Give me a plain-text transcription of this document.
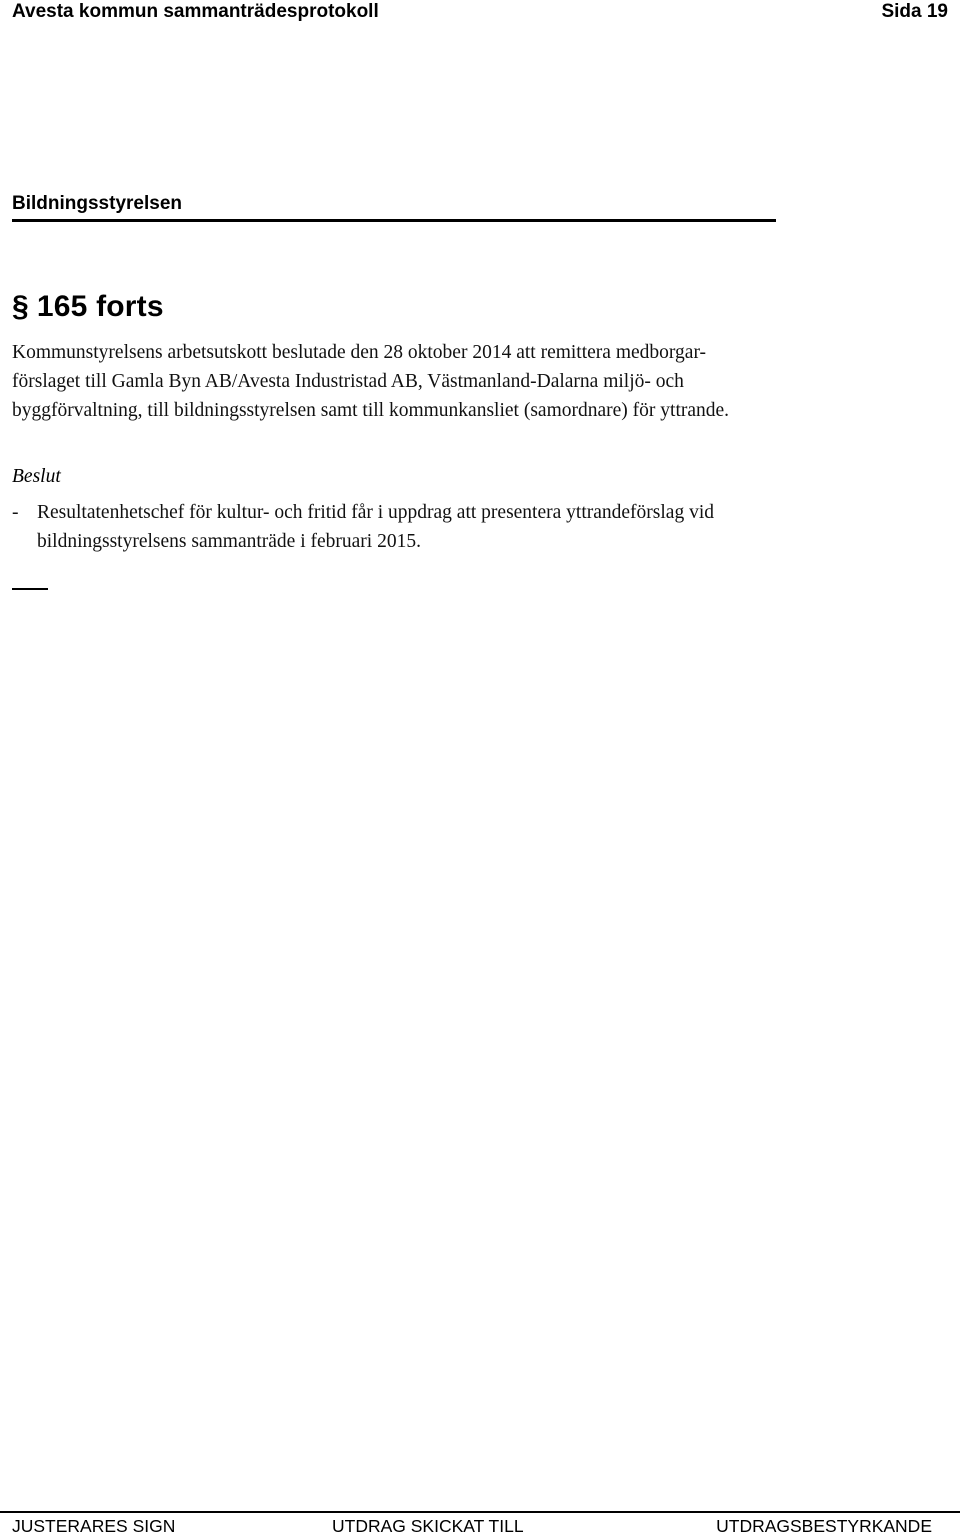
Avesta kommun sammanträdesprotokoll	Sida 19
Bildningsstyrelsen
§ 165 forts
Kommunstyrelsens arbetsutskott beslutade den 28 oktober 2014 att remittera medborgar-
förslaget till Gamla Byn AB/Avesta Industristad AB, Västmanland-Dalarna miljö- och
byggförvaltning, till bildningsstyrelsen samt till kommunkansliet (samordnare) för yttrande.
Beslut
- Resultatenhetschef för kultur- och fritid får i uppdrag att presentera yttrandeförslag vid
bildningsstyrelsens sammanträde i februari 2015.
JUSTERARES SIGN	UTDRAG SKICKAT TILL	UTDRAGSBESTYRKANDE
